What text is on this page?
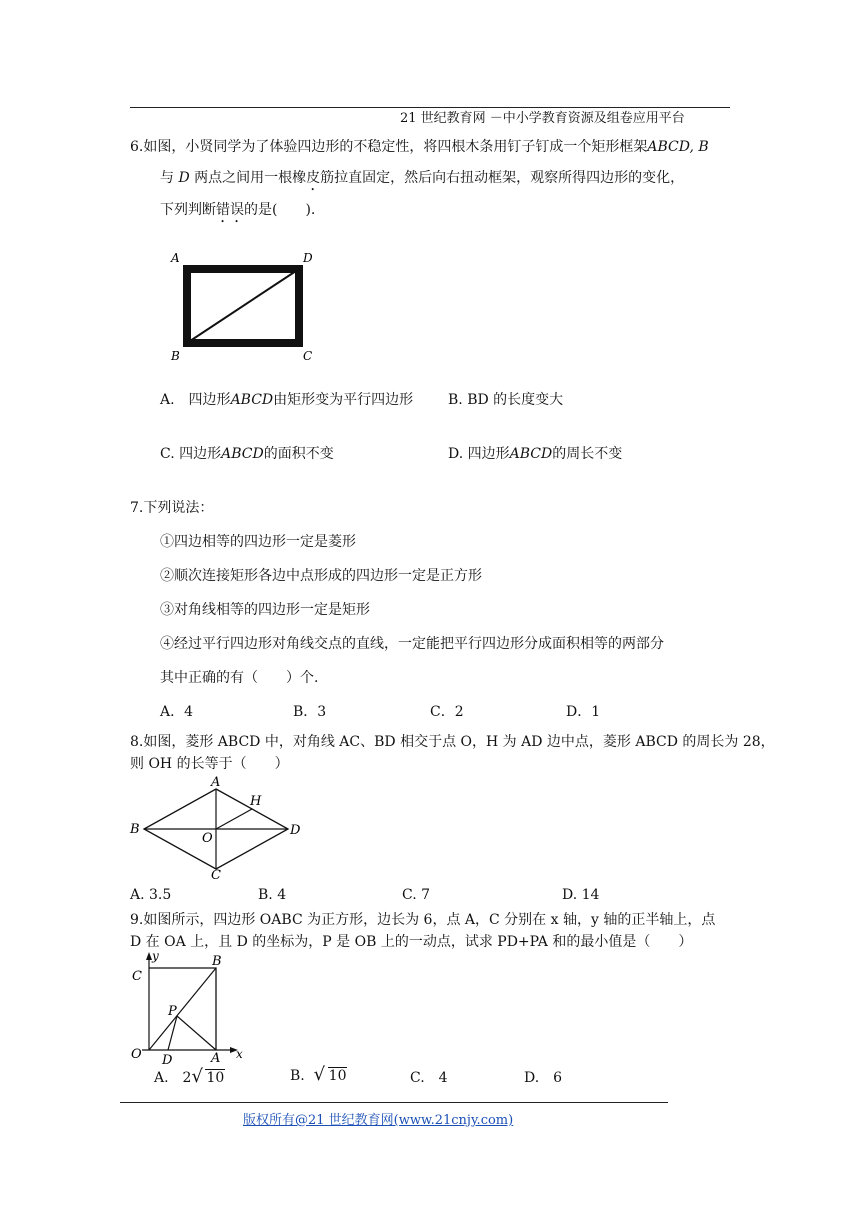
21 世纪教育网 －中小学教育资源及组卷应用平台
6.如图，小贤同学为了体验四边形的不稳定性，将四根木条用钉子钉成一个矩形框架ABCD, B
与 D 两点之间用一根橡皮筋拉直固定，然后向右扭动框架，观察所得四边形的变化，
下列判断错误的是(　　).
A	D
B	C
A.　四边形ABCD由矩形变为平行四边形 B. BD 的长度变大
C. 四边形ABCD的面积不变	D. 四边形ABCD的周长不变
7.下列说法：
①四边相等的四边形一定是菱形
②顺次连接矩形各边中点形成的四边形一定是正方形
③对角线相等的四边形一定是矩形
④经过平行四边形对角线交点的直线，一定能把平行四边形分成面积相等的两部分
其中正确的有（　　）个.
A．4	B．3	C．2	D．1
8.如图，菱形 ABCD 中，对角线 AC、BD 相交于点 O，H 为 AD 边中点，菱形 ABCD 的周长为 28，
则 OH 的长等于（　　）
A
H
B	D
O
C
A. 3.5	B. 4	C. 7	D. 14
9.如图所示，四边形 OABC 为正方形，边长为 6，点 A，C 分别在 x 轴，y 轴的正半轴上，点
D 在 OA 上，且 D 的坐标为，P 是 OB 上的一动点，试求 PD+PA 和的最小值是（　　）
y
C
B
P
O D	A x
A.　2 √ 10	B. √ 10	C.　4	D.　6
版权所有@21 世纪教育网(www.21cnjy.com)
